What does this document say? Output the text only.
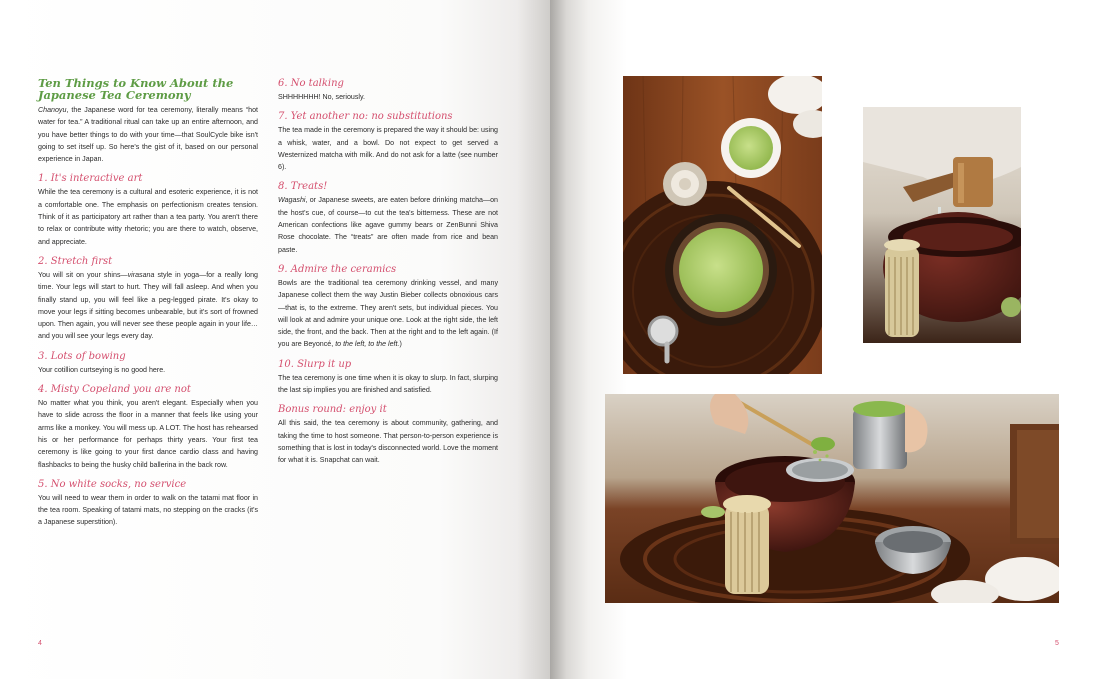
Ten Things to Know About the
Japanese Tea Ceremony

Chanoyu, the Japanese word for tea ceremony, literally means “hot water for tea.” A traditional ritual can take up an entire afternoon, and you have better things to do with your time—that SoulCycle bike isn't going to set itself up. So here's the gist of it, based on our personal experience in Japan.

1. It's interactive art

While the tea ceremony is a cultural and esoteric experience, it is not a comfortable one. The emphasis on perfectionism creates tension. Think of it as participatory art rather than a tea party. You aren't there to relax or contribute witty rhetoric; you are there to watch, observe, and appreciate.

2. Stretch first

You will sit on your shins—virasana style in yoga—for a really long time. Your legs will start to hurt. They will fall asleep. And when you finally stand up, you will feel like a peg-legged pirate. It's okay to move your legs if sitting becomes unbearable, but it's sort of frowned upon. Then again, you will never see these people again in your life… and you will see your legs every day.

3. Lots of bowing

Your cotillion curtseying is no good here.

4. Misty Copeland you are not

No matter what you think, you aren't elegant. Especially when you have to slide across the floor in a manner that feels like using your arms like a monkey. You will mess up. A LOT. The host has rehearsed his or her performance for perhaps thirty years. Your first tea ceremony is like going to your first dance cardio class and having flashbacks to being the husky child ballerina in the back row.

5. No white socks, no service

You will need to wear them in order to walk on the tatami mat floor in the tea room. Speaking of tatami mats, no stepping on the cracks (it's a Japanese superstition).

6. No talking

SHHHHHHH! No, seriously.

7. Yet another no: no substitutions

The tea made in the ceremony is prepared the way it should be: using a whisk, water, and a bowl. Do not expect to get served a Westernized matcha with milk. And do not ask for a latte (see number 6).

8. Treats!

Wagashi, or Japanese sweets, are eaten before drinking matcha—on the host's cue, of course—to cut the tea's bitterness. These are not American confections like agave gummy bears or ZenBunni Shiva Rose chocolate. The “treats” are often made from rice and bean paste.

9. Admire the ceramics

Bowls are the traditional tea ceremony drinking vessel, and many Japanese collect them the way Justin Bieber collects obnoxious cars—that is, to the extreme. They aren't sets, but individual pieces. You will look at and admire your unique one. Look at the right side, the left side, the front, and the back. Then at the right and to the left again. (If you are Beyoncé, to the left, to the left.)

10. Slurp it up

The tea ceremony is one time when it is okay to slurp. In fact, slurping the last sip implies you are finished and satisfied.

Bonus round: enjoy it

All this said, the tea ceremony is about community, gathering, and taking the time to host someone. That person-to-person experience is something that is lost in today's disconnected world. Love the moment for what it is. Snapchat can wait.

4	5
